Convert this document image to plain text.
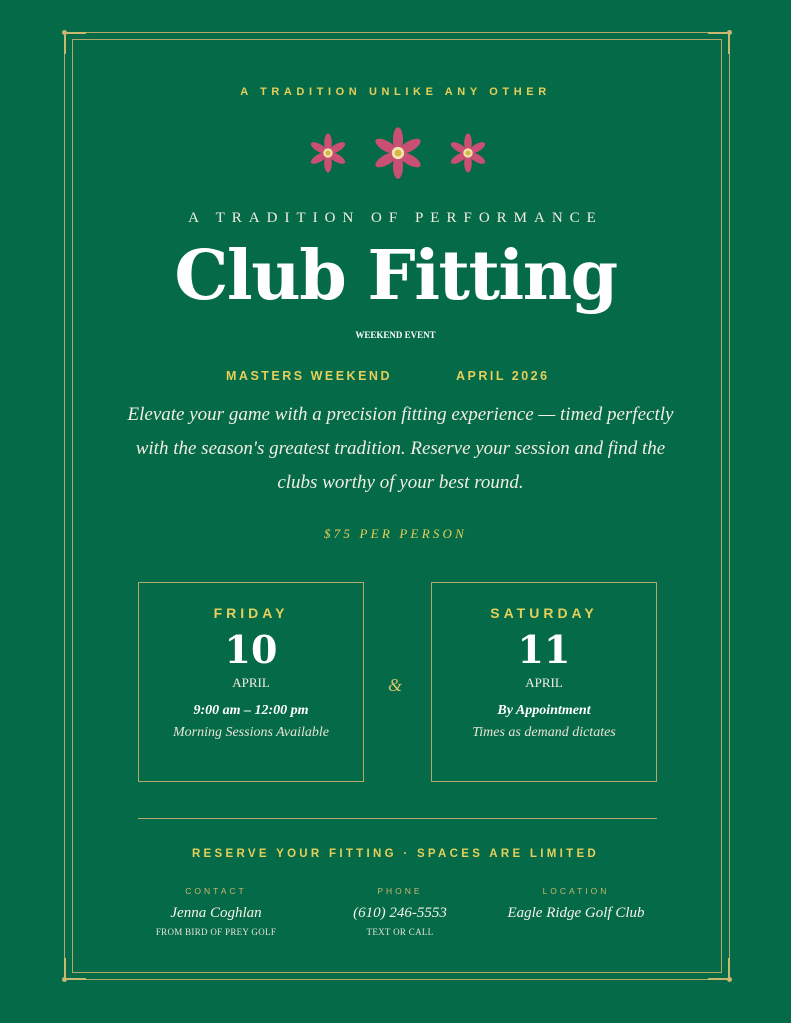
A TRADITION UNLIKE ANY OTHER
A TRADITION OF PERFORMANCE
Club Fitting
WEEKEND EVENT
MASTERS WEEKEND	APRIL 2026
Elevate your game with a precision fitting experience — timed perfectly with the season's greatest tradition. Reserve your session and find the clubs worthy of your best round.
$75 PER PERSON
FRIDAY
10
APRIL
9:00 am – 12:00 pm
Morning Sessions Available
&
SATURDAY
11
APRIL
By Appointment
Times as demand dictates
RESERVE YOUR FITTING · SPACES ARE LIMITED
CONTACT
Jenna Coghlan
FROM BIRD OF PREY GOLF
PHONE
(610) 246-5553
TEXT OR CALL
LOCATION
Eagle Ridge Golf Club
